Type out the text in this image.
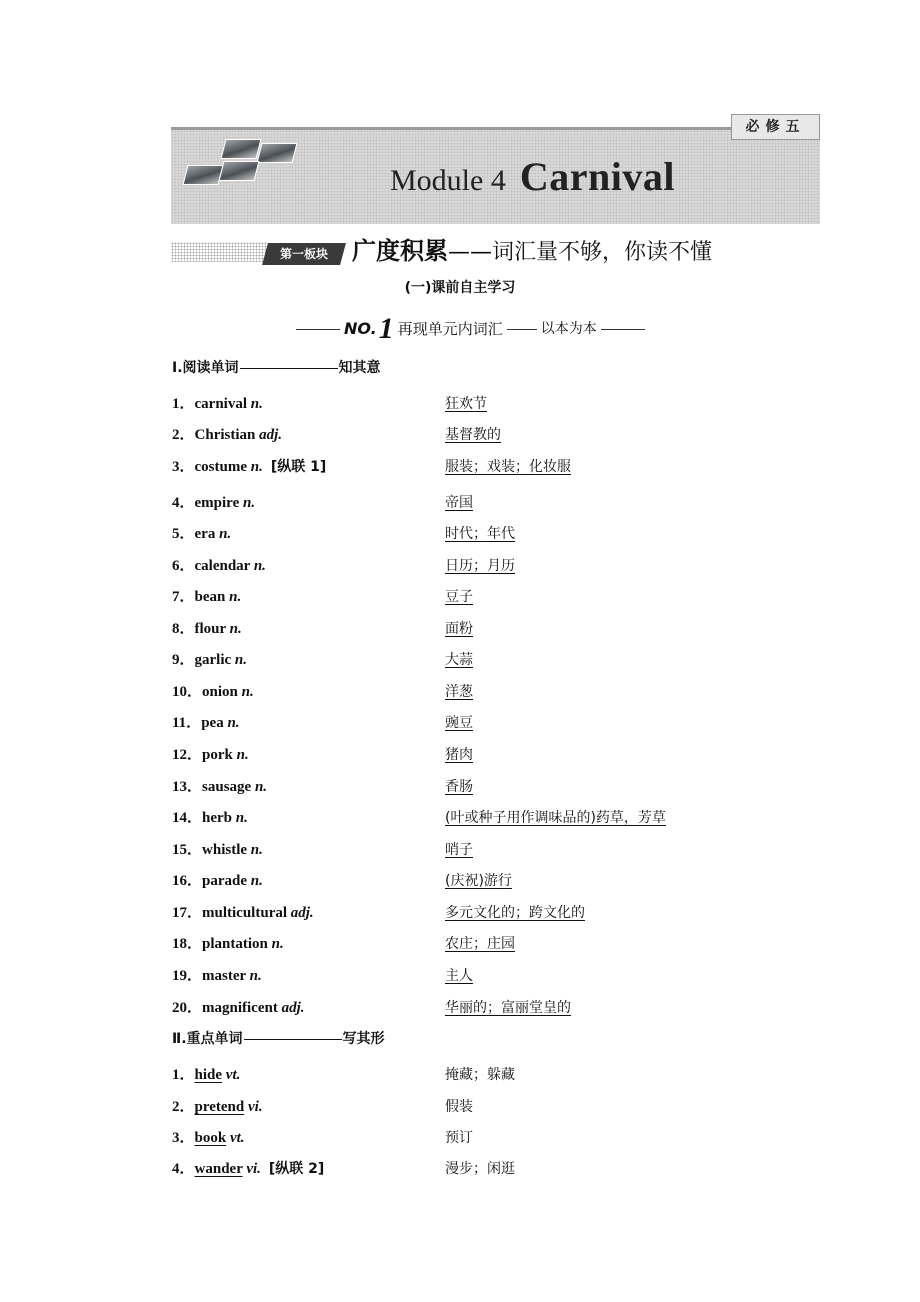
必修五
Module 4 Carnival
第一板块	广度积累——词汇量不够，你读不懂
(一)课前自主学习
NO. 1 再现单元内词汇	以本为本
Ⅰ.阅读单词	知其意
1．carnival n.	狂欢节
2．Christian adj.	基督教的
3．costume n. [纵联 1]	服装；戏装；化妆服
4．empire n.	帝国
5．era n.	时代；年代
6．calendar n.	日历；月历
7．bean n.	豆子
8．flour n.	面粉
9．garlic n.	大蒜
10．onion n.	洋葱
11．pea n.	豌豆
12．pork n.	猪肉
13．sausage n.	香肠
14．herb n.	(叶或种子用作调味品的)药草，芳草
15．whistle n.	哨子
16．parade n.	(庆祝)游行
17．multicultural adj.	多元文化的；跨文化的
18．plantation n.	农庄；庄园
19．master n.	主人
20．magnificent adj.	华丽的；富丽堂皇的
Ⅱ.重点单词	写其形
1．hide vt.	掩藏；躲藏
2．pretend vi.	假装
3．book vt.	预订
4．wander vi. [纵联 2]	漫步；闲逛
